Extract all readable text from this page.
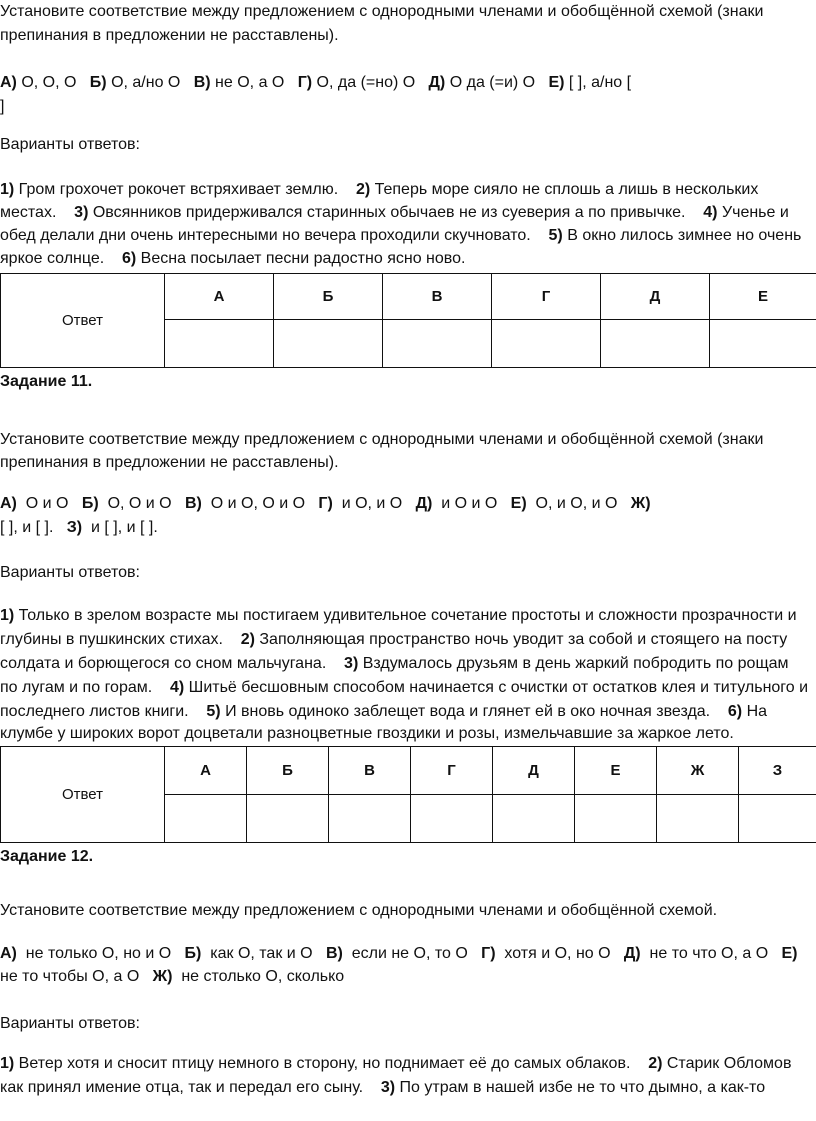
Установите соответствие между предложением с однородными членами и обобщённой схемой (знаки
препинания в предложении не расставлены).
А) О, О, О   Б) О, а/но О   В) не О, а О   Г) О, да (=но) О   Д) О да (=и) О   Е) [ ], а/но [
]
Варианты ответов:
1) Гром грохочет рокочет встряхивает землю.    2) Теперь море сияло не сплошь а лишь в нескольких
местах.    3) Овсянников придерживался старинных обычаев не из суеверия а по привычке.    4) Ученье и
обед делали дни очень интересными но вечера проходили скучновато.    5) В окно лилось зимнее но очень
яркое солнце.    6) Весна посылает песни радостно ясно ново.
Ответ	А	Б	В	Г	Д	Е

Задание 11.
Установите соответствие между предложением с однородными членами и обобщённой схемой (знаки
препинания в предложении не расставлены).
А)  О и О   Б)  О, О и О   В)  О и О, О и О   Г)  и О, и О   Д)  и О и О   Е)  О, и О, и О   Ж)
[ ], и [ ].   З)  и [ ], и [ ].
Варианты ответов:
1) Только в зрелом возрасте мы постигаем удивительное сочетание простоты и сложности прозрачности и
глубины в пушкинских стихах.    2) Заполняющая пространство ночь уводит за собой и стоящего на посту
солдата и борющегося со сном мальчугана.    3) Вздумалось друзьям в день жаркий побродить по рощам
по лугам и по горам.    4) Шитьё бесшовным способом начинается с очистки от остатков клея и титульного и
последнего листов книги.    5) И вновь одиноко заблещет вода и глянет ей в око ночная звезда.    6) На
клумбе у широких ворот доцветали разноцветные гвоздики и розы, измельчавшие за жаркое лето.
Ответ	А	Б	В	Г	Д	Е	Ж	З

Задание 12.
Установите соответствие между предложением с однородными членами и обобщённой схемой.
А)  не только О, но и О   Б)  как О, так и О   В)  если не О, то О   Г)  хотя и О, но О   Д)  не то что О, а О   Е)
не то чтобы О, а О   Ж)  не столько О, сколько
Варианты ответов:
1) Ветер хотя и сносит птицу немного в сторону, но поднимает её до самых облаков.    2) Старик Обломов
как принял имение отца, так и передал его сыну.    3) По утрам в нашей избе не то что дымно, а как-то
